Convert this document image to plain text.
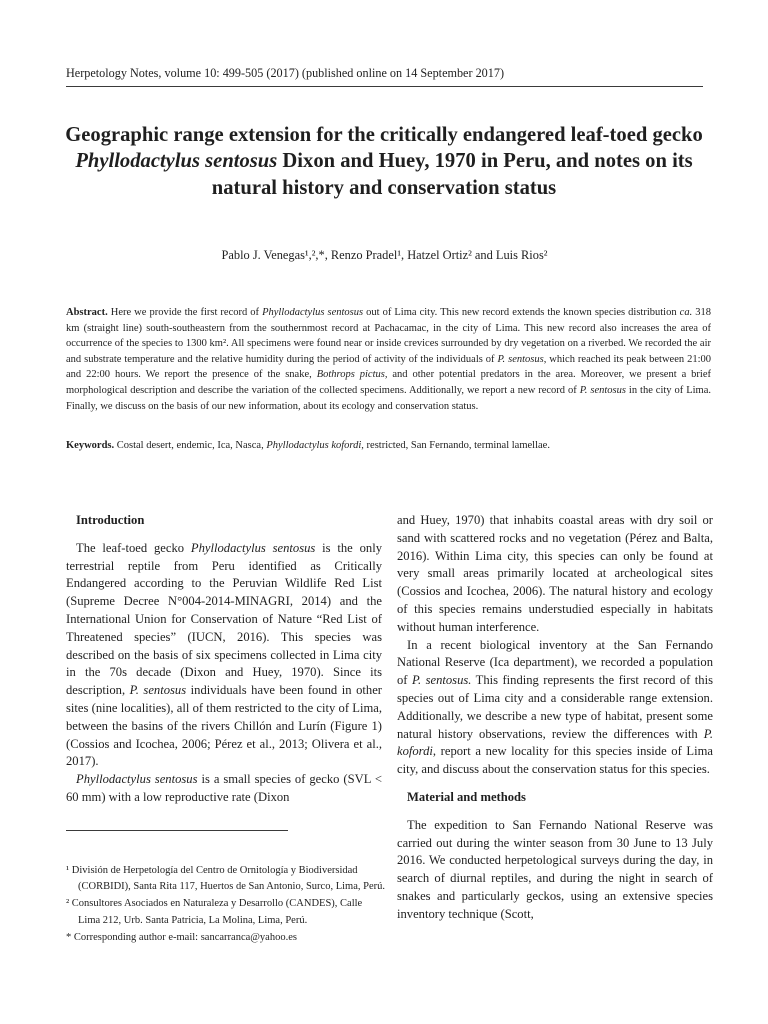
Herpetology Notes, volume 10: 499-505 (2017) (published online on 14 September 2017)
Geographic range extension for the critically endangered leaf-toed gecko Phyllodactylus sentosus Dixon and Huey, 1970 in Peru, and notes on its natural history and conservation status
Pablo J. Venegas¹,²,*, Renzo Pradel¹, Hatzel Ortiz² and Luis Rios²
Abstract. Here we provide the first record of Phyllodactylus sentosus out of Lima city. This new record extends the known species distribution ca. 318 km (straight line) south-southeastern from the southernmost record at Pachacamac, in the city of Lima. This new record also increases the area of occurrence of the species to 1300 km². All specimens were found near or inside crevices surrounded by dry vegetation on a riverbed. We recorded the air and substrate temperature and the relative humidity during the period of activity of the individuals of P. sentosus, which reached its peak between 21:00 and 22:00 hours. We report the presence of the snake, Bothrops pictus, and other potential predators in the area. Moreover, we present a brief morphological description and describe the variation of the collected specimens. Additionally, we report a new record of P. sentosus in the city of Lima. Finally, we discuss on the basis of our new information, about its ecology and conservation status.
Keywords. Costal desert, endemic, Ica, Nasca, Phyllodactylus kofordi, restricted, San Fernando, terminal lamellae.

Introduction

The leaf-toed gecko Phyllodactylus sentosus is the only terrestrial reptile from Peru identified as Critically Endangered according to the Peruvian Wildlife Red List (Supreme Decree N°004-2014-MINAGRI, 2014) and the International Union for Conservation of Nature “Red List of Threatened species” (IUCN, 2016). This species was described on the basis of six specimens collected in Lima city in the 70s decade (Dixon and Huey, 1970). Since its description, P. sentosus individuals have been found in other sites (nine localities), all of them restricted to the city of Lima, between the basins of the rivers Chillón and Lurín (Figure 1) (Cossios and Icochea, 2006; Pérez et al., 2013; Olivera et al., 2017).

Phyllodactylus sentosus is a small species of gecko (SVL < 60 mm) with a low reproductive rate (Dixon

¹ División de Herpetología del Centro de Ornitología y Biodiversidad (CORBIDI), Santa Rita 117, Huertos de San Antonio, Surco, Lima, Perú.

² Consultores Asociados en Naturaleza y Desarrollo (CANDES), Calle Lima 212, Urb. Santa Patricia, La Molina, Lima, Perú.

* Corresponding author e-mail: sancarranca@yahoo.es

and Huey, 1970) that inhabits coastal areas with dry soil or sand with scattered rocks and no vegetation (Pérez and Balta, 2016). Within Lima city, this species can only be found at very small areas primarily located at archeological sites (Cossios and Icochea, 2006). The natural history and ecology of this species remains understudied especially in habitats without human interference.

In a recent biological inventory at the San Fernando National Reserve (Ica department), we recorded a population of P. sentosus. This finding represents the first record of this species out of Lima city and a considerable range extension. Additionally, we describe a new type of habitat, present some natural history observations, review the differences with P. kofordi, report a new locality for this species inside of Lima city, and discuss about the conservation status for this species.

Material and methods

The expedition to San Fernando National Reserve was carried out during the winter season from 30 June to 13 July 2016. We conducted herpetological surveys during the day, in search of diurnal reptiles, and during the night in search of snakes and particularly geckos, using an extensive species inventory technique (Scott,
